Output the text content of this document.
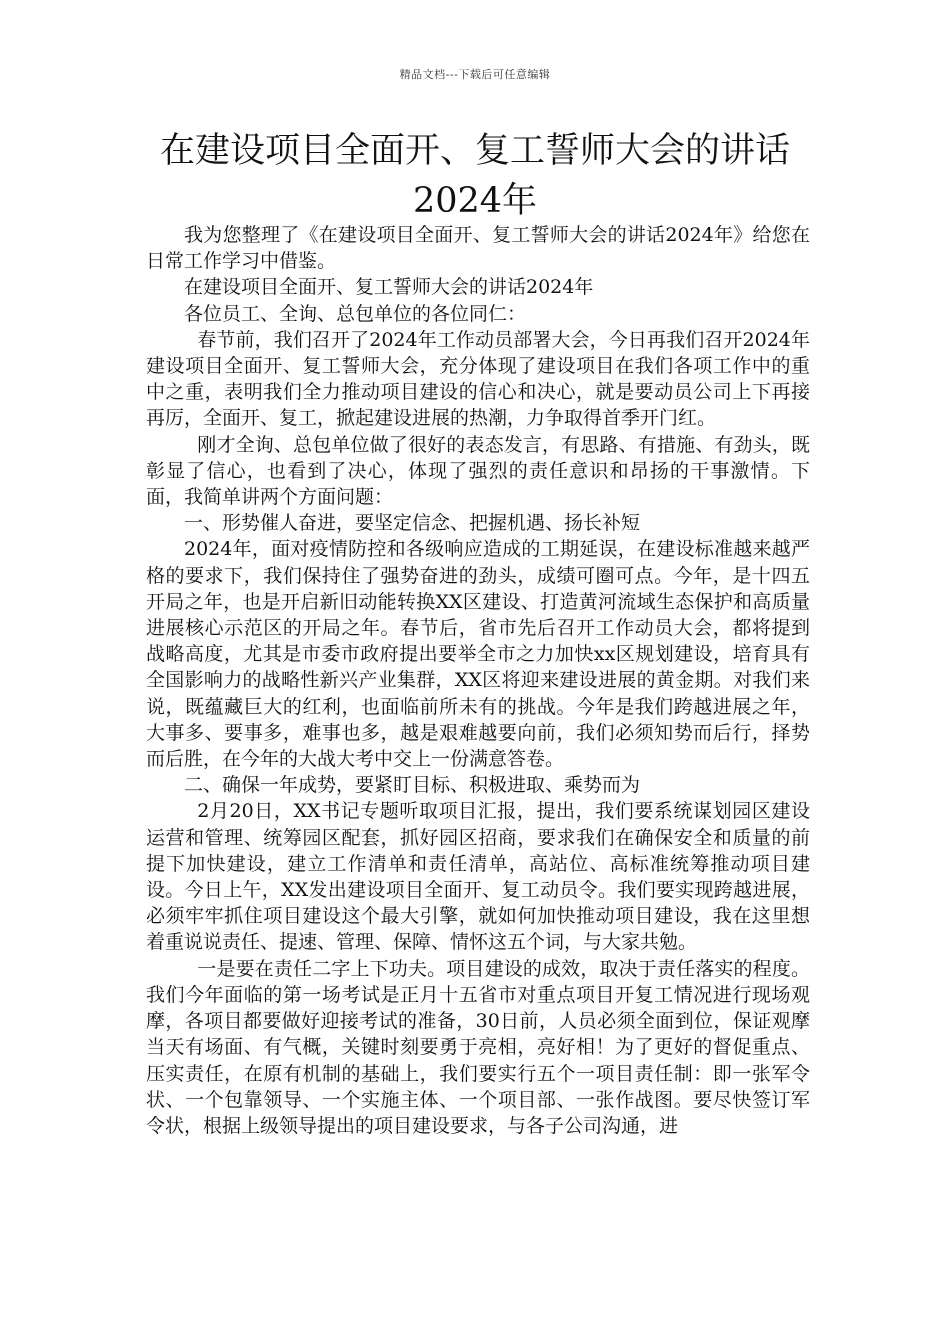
精品文档---下载后可任意编辑
在建设项目全面开、复工誓师大会的讲话 2024年

我为您整理了《在建设项目全面开、复工誓师大会的讲话2024年》给您在日常工作学习中借鉴。

在建设项目全面开、复工誓师大会的讲话2024年

各位员工、全询、总包单位的各位同仁：

春节前，我们召开了2024年工作动员部署大会，今日再我们召开2024年建设项目全面开、复工誓师大会，充分体现了建设项目在我们各项工作中的重中之重，表明我们全力推动项目建设的信心和决心，就是要动员公司上下再接再厉，全面开、复工，掀起建设进展的热潮，力争取得首季开门红。

刚才全询、总包单位做了很好的表态发言，有思路、有措施、有劲头，既彰显了信心，也看到了决心，体现了强烈的责任意识和昂扬的干事激情。下面，我简单讲两个方面问题：

一、形势催人奋进，要坚定信念、把握机遇、扬长补短

2024年，面对疫情防控和各级响应造成的工期延误，在建设标准越来越严格的要求下，我们保持住了强势奋进的劲头，成绩可圈可点。今年，是十四五开局之年，也是开启新旧动能转换XX区建设、打造黄河流域生态保护和高质量进展核心示范区的开局之年。春节后，省市先后召开工作动员大会，都将提到战略高度，尤其是市委市政府提出要举全市之力加快xx区规划建设，培育具有全国影响力的战略性新兴产业集群，XX区将迎来建设进展的黄金期。对我们来说，既蕴藏巨大的红利，也面临前所未有的挑战。今年是我们跨越进展之年，大事多、要事多，难事也多，越是艰难越要向前，我们必须知势而后行，择势而后胜，在今年的大战大考中交上一份满意答卷。

二、确保一年成势，要紧盯目标、积极进取、乘势而为

2月20日，XX书记专题听取项目汇报，提出，我们要系统谋划园区建设运营和管理、统筹园区配套，抓好园区招商，要求我们在确保安全和质量的前提下加快建设，建立工作清单和责任清单，高站位、高标准统筹推动项目建设。今日上午，XX发出建设项目全面开、复工动员令。我们要实现跨越进展，必须牢牢抓住项目建设这个最大引擎，就如何加快推动项目建设，我在这里想着重说说责任、提速、管理、保障、情怀这五个词，与大家共勉。

一是要在责任二字上下功夫。项目建设的成效，取决于责任落实的程度。我们今年面临的第一场考试是正月十五省市对重点项目开复工情况进行现场观摩，各项目都要做好迎接考试的准备，30日前，人员必须全面到位，保证观摩当天有场面、有气概，关键时刻要勇于亮相，亮好相！为了更好的督促重点、压实责任，在原有机制的基础上，我们要实行五个一项目责任制：即一张军令状、一个包靠领导、一个实施主体、一个项目部、一张作战图。要尽快签订军令状，根据上级领导提出的项目建设要求，与各子公司沟通，进
